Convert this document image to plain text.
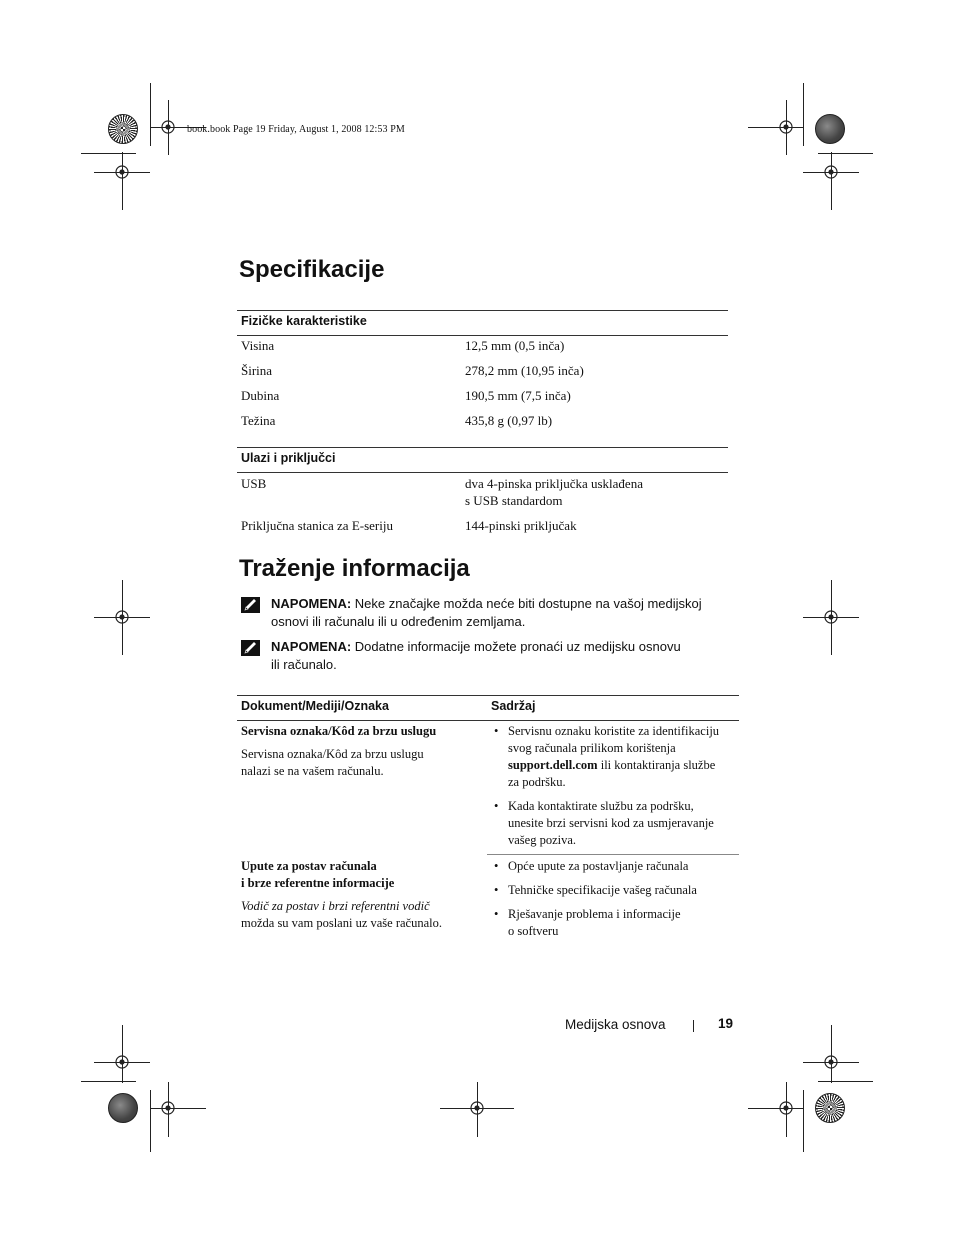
book.book Page 19 Friday, August 1, 2008 12:53 PM
Specifikacije
Fizičke karakteristike
Visina	12,5 mm (0,5 inča)
Širina	278,2 mm (10,95 inča)
Dubina	190,5 mm (7,5 inča)
Težina	435,8 g (0,97 lb)
Ulazi i priključci
USB	dva 4-pinska priključka usklađena
s USB standardom
Priključna stanica za E-seriju	144-pinski priključak
Traženje informacija
NAPOMENA: Neke značajke možda neće biti dostupne na vašoj medijskoj
osnovi ili računalu ili u određenim zemljama.
NAPOMENA: Dodatne informacije možete pronaći uz medijsku osnovu
ili računalo.
Dokument/Mediji/Oznaka	Sadržaj
Servisna oznaka/Kôd za brzu uslugu
Servisna oznaka/Kôd za brzu uslugu
nalazi se na vašem računalu.
• Servisnu oznaku koristite za identifikaciju
svog računala prilikom korištenja
support.dell.com ili kontaktiranja službe
za podršku.
• Kada kontaktirate službu za podršku,
unesite brzi servisni kod za usmjeravanje
vašeg poziva.
Upute za postav računala
i brze referentne informacije
Vodič za postav i brzi referentni vodič
možda su vam poslani uz vaše računalo.
• Opće upute za postavljanje računala
• Tehničke specifikacije vašeg računala
• Rješavanje problema i informacije
o softveru
Medijska osnova	19
